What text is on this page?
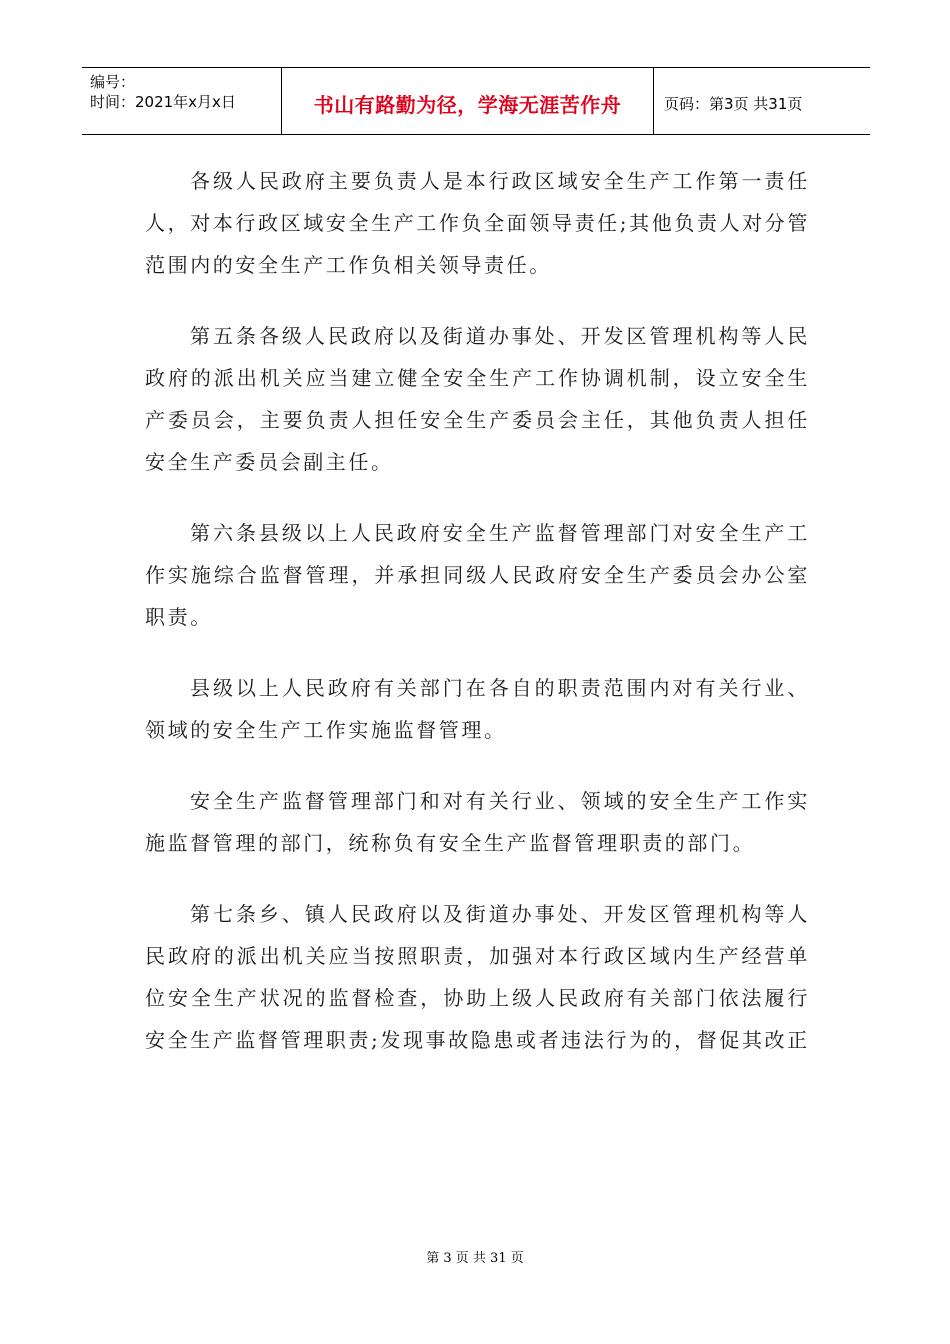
编号：
时间：2021年x月x日	书山有路勤为径，学海无涯苦作舟	页码：第3页 共31页

各级人民政府主要负责人是本行政区域安全生产工作第一责任人，对本行政区域安全生产工作负全面领导责任;其他负责人对分管范围内的安全生产工作负相关领导责任。

第五条各级人民政府以及街道办事处、开发区管理机构等人民政府的派出机关应当建立健全安全生产工作协调机制，设立安全生产委员会，主要负责人担任安全生产委员会主任，其他负责人担任安全生产委员会副主任。

第六条县级以上人民政府安全生产监督管理部门对安全生产工作实施综合监督管理，并承担同级人民政府安全生产委员会办公室职责。

县级以上人民政府有关部门在各自的职责范围内对有关行业、领域的安全生产工作实施监督管理。

安全生产监督管理部门和对有关行业、领域的安全生产工作实施监督管理的部门，统称负有安全生产监督管理职责的部门。

第七条乡、镇人民政府以及街道办事处、开发区管理机构等人民政府的派出机关应当按照职责，加强对本行政区域内生产经营单位安全生产状况的监督检查，协助上级人民政府有关部门依法履行安全生产监督管理职责;发现事故隐患或者违法行为的，督促其改正

第 3 页 共 31 页
